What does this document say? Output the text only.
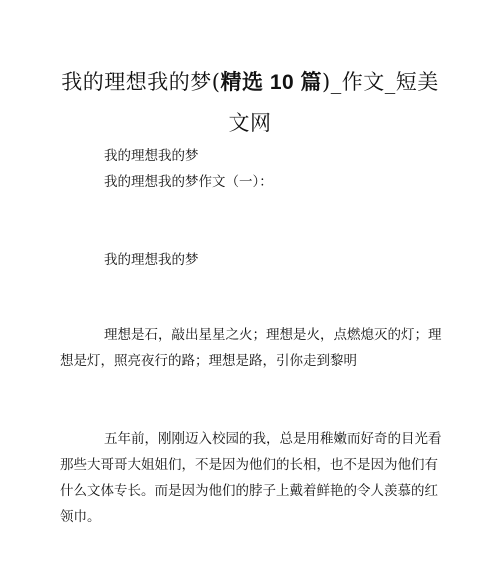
我的理想我的梦(精选 10 篇)_作文_短美
文网
我的理想我的梦
我的理想我的梦作文（一）：
我的理想我的梦
理想是石，敲出星星之火；理想是火，点燃熄灭的灯；理想是灯，照亮夜行的路；理想是路，引你走到黎明
五年前，刚刚迈入校园的我，总是用稚嫩而好奇的目光看那些大哥哥大姐姐们，不是因为他们的长相，也不是因为他们有什么文体专长。而是因为他们的脖子上戴着鲜艳的令人羡慕的红领巾。
